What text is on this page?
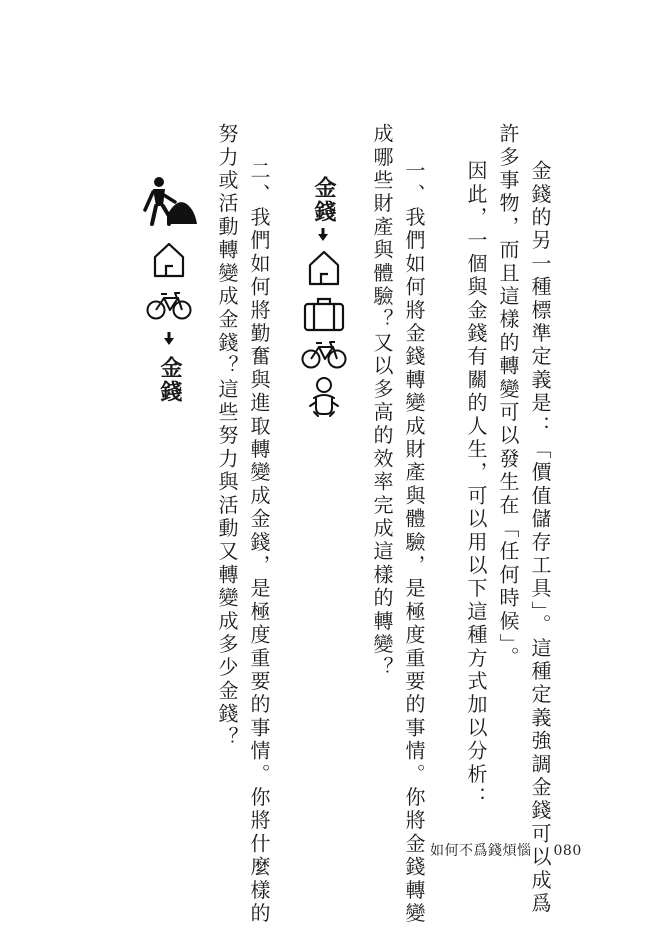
金錢的另一種標準定義是：「價值儲存工具」。這種定義強調金錢可以成爲
許多事物，而且這樣的轉變可以發生在「任何時候」。
因此，一個與金錢有關的人生，可以用以下這種方式加以分析：
一、我們如何將金錢轉變成財產與體驗，是極度重要的事情。你將金錢轉變
成哪些財產與體驗？又以多高的效率完成這樣的轉變？
金錢
二、我們如何將勤奮與進取轉變成金錢，是極度重要的事情。你將什麼樣的
努力或活動轉變成金錢？這些努力與活動又轉變成多少金錢？
金錢
如何不爲錢煩惱 080
